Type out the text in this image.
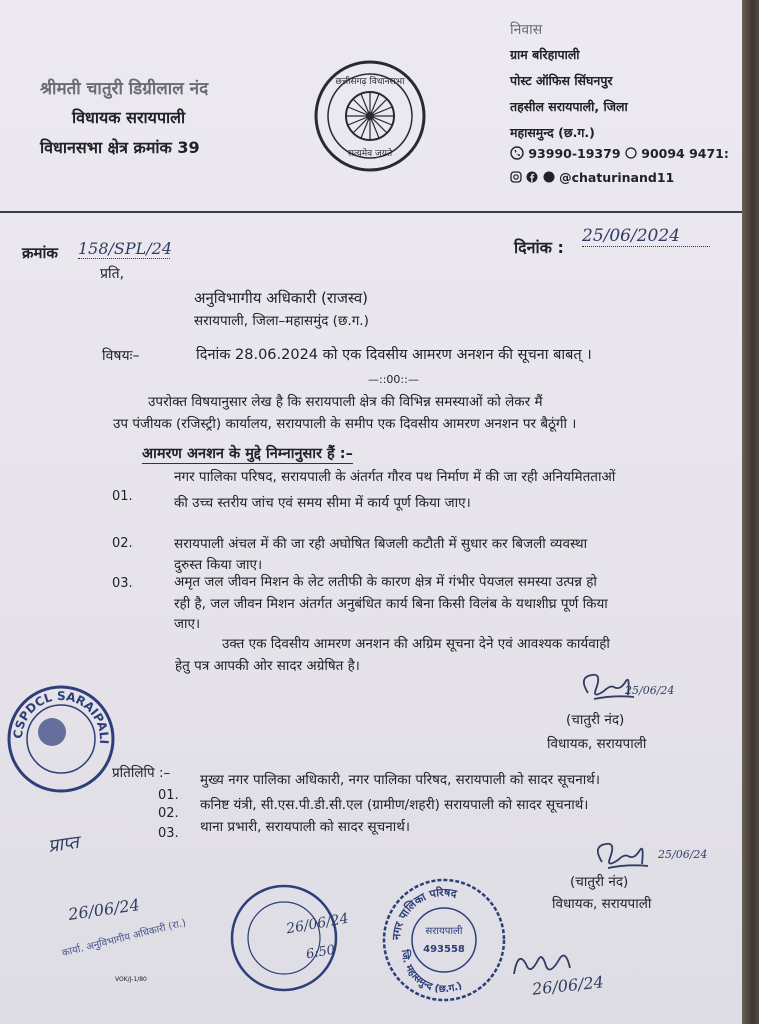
श्रीमती चातुरी डिग्रीलाल नंद
विधायक सरायपाली
विधानसभा क्षेत्र क्रमांक 39
छत्तीसगढ़ विधानसभा
सत्यमेव जयते
निवास
ग्राम बरिहापाली
पोस्ट ऑफिस सिंघनपुर
तहसील सरायपाली, जिला
महासमुन्द (छ.ग.)
93990-19379 90094 9471:
@chaturinand11
क्रमांक 158/SPL/24	दिनांक :
25/06/2024
प्रति,
अनुविभागीय अधिकारी (राजस्व)
सरायपाली, जिला–महासमुंद (छ.ग.)
विषयः–	दिनांक 28.06.2024 को एक दिवसीय आमरण अनशन की सूचना बाबत् ।
—::00::—
उपरोक्त विषयानुसार लेख है कि सरायपाली क्षेत्र की विभिन्न समस्याओं को लेकर मैं
उप पंजीयक (रजिस्ट्री) कार्यालय, सरायपाली के समीप एक दिवसीय आमरण अनशन पर बैठूंगी ।
आमरण अनशन के मुद्दे निम्नानुसार हैं :–
01.
नगर पालिका परिषद, सरायपाली के अंतर्गत गौरव पथ निर्माण में की जा रही अनियमितताओं
की उच्च स्तरीय जांच एवं समय सीमा में कार्य पूर्ण किया जाए।
02.	सरायपाली अंचल में की जा रही अघोषित बिजली कटौती में सुधार कर बिजली व्यवस्था
दुरुस्त किया जाए।
03.	अमृत जल जीवन मिशन के लेट लतीफी के कारण क्षेत्र में गंभीर पेयजल समस्या उत्पन्न हो
रही है, जल जीवन मिशन अंतर्गत अनुबंधित कार्य बिना किसी विलंब के यथाशीघ्र पूर्ण किया
जाए।
उक्त एक दिवसीय आमरण अनशन की अग्रिम सूचना देने एवं आवश्यक कार्यवाही
हेतु पत्र आपकी ओर सादर अग्रेषित है।
25/06/24
(चातुरी नंद)
विधायक, सरायपाली
CSPDCL SARAIPALI
प्रतिलिपि :–
01.
मुख्य नगर पालिका अधिकारी, नगर पालिका परिषद, सरायपाली को सादर सूचनार्थ।
02.
कनिष्ट यंत्री, सी.एस.पी.डी.सी.एल (ग्रामीण/शहरी) सरायपाली को सादर सूचनार्थ।
03. थाना प्रभारी, सरायपाली को सादर सूचनार्थ।
25/06/24
(चातुरी नंद)
विधायक, सरायपाली
प्राप्त
26/06/24
कार्या. अनुविभागीय अधिकारी (रा.)
VOK/J-1/80
26/06/24
6:50
नगर पालिका परिषद
सरायपाली
493558
जि. महासमुन्द (छ.ग.)	26/06/24
